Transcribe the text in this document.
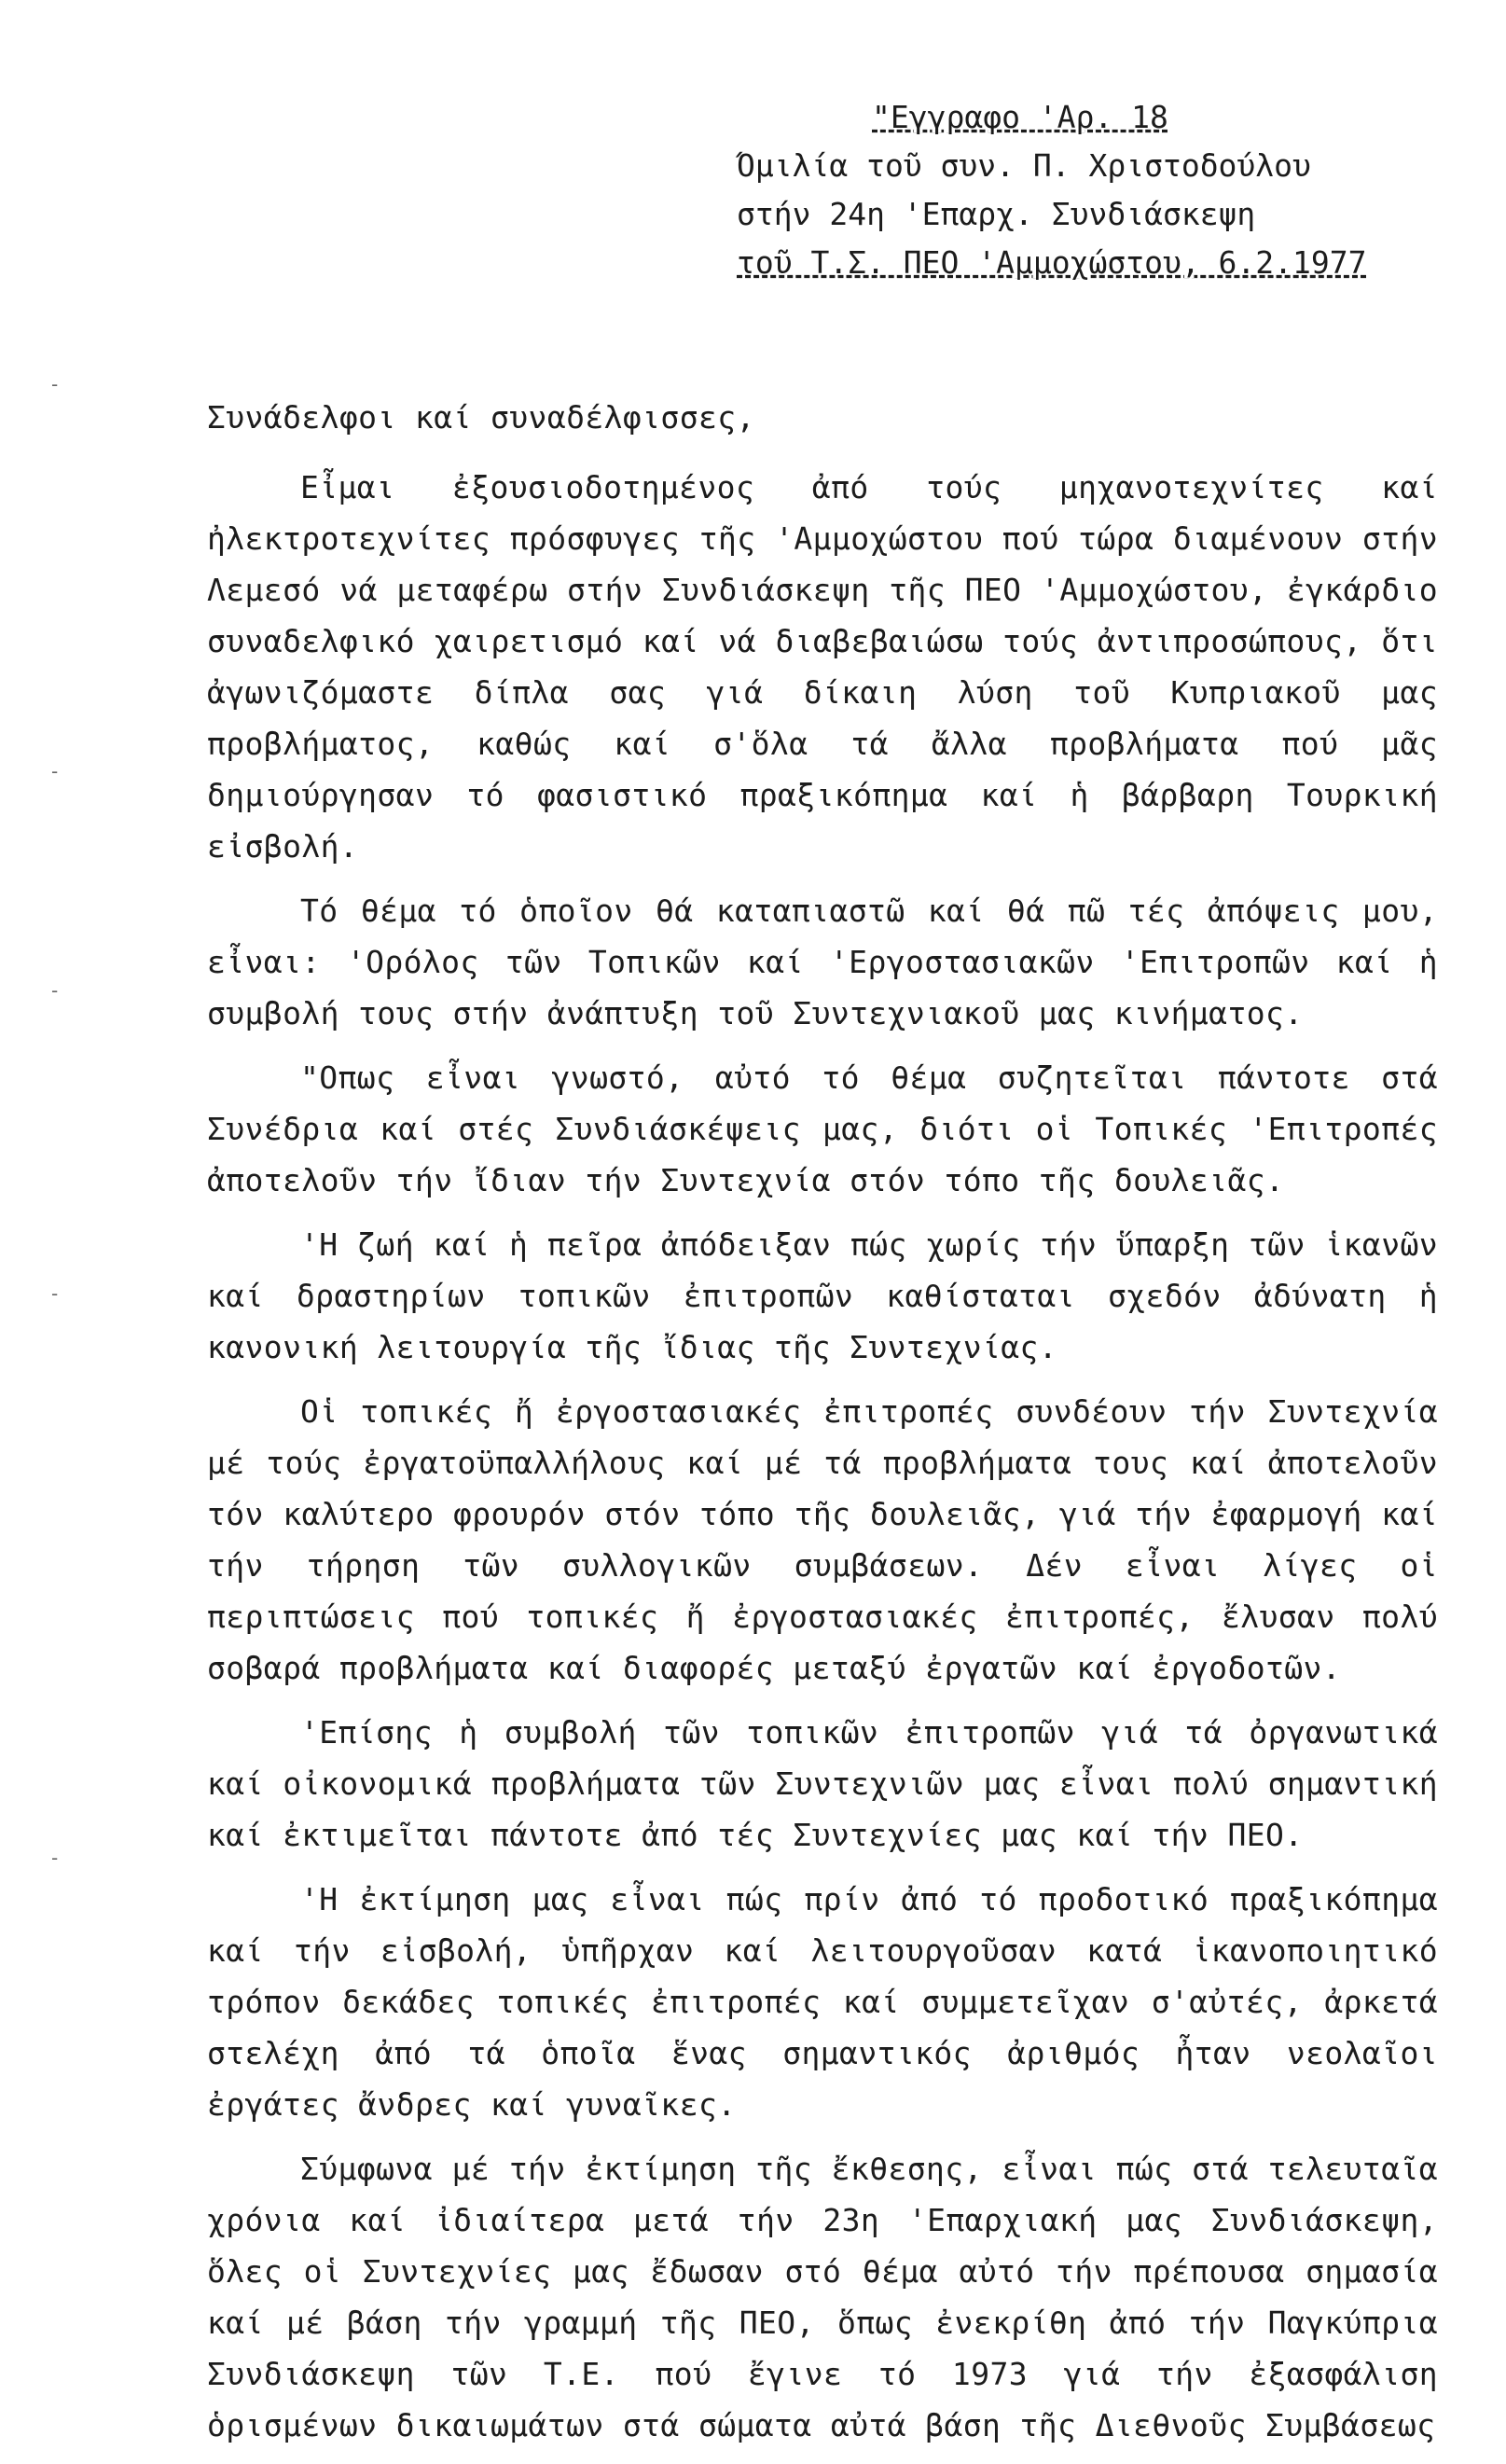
"Εγγραφο 'Αρ. 18
Όμιλία τοῦ συν. Π. Χριστοδούλου
στήν 24η 'Επαρχ. Συνδιάσκεψη
τοῦ Τ.Σ. ΠΕΟ 'Αμμοχώστου, 6.2.1977
Συνάδελφοι καί συναδέλφισσες,

Εἶμαι ἐξουσιοδοτημένος ἀπό τούς μηχανοτεχνίτες καί ἠλεκτροτεχνίτες πρόσφυγες τῆς 'Αμμοχώστου πού τώρα διαμένουν στήν Λεμεσό νά μεταφέρω στήν Συνδιάσκεψη τῆς ΠΕΟ 'Αμμοχώστου, ἐγκάρδιο συναδελφικό χαιρετισμό καί νά διαβεβαιώσω τούς ἀντιπροσώπους, ὅτι ἀγωνιζόμαστε δίπλα σας γιά δίκαιη λύση τοῦ Κυπριακοῦ μας προβλήματος, καθώς καί σ'ὅλα τά ἄλλα προβλήματα πού μᾶς δημιούργησαν τό φασιστικό πραξικόπημα καί ἡ βάρβαρη Τουρκική εἰσβολή.

Τό θέμα τό ὁποῖον θά καταπιαστῶ καί θά πῶ τές ἀπόψεις μου, εἶναι: 'Ορόλος τῶν Τοπικῶν καί 'Εργοστασιακῶν 'Επιτροπῶν καί ἡ συμβολή τους στήν ἀνάπτυξη τοῦ Συντεχνιακοῦ μας κινήματος.

"Οπως εἶναι γνωστό, αὐτό τό θέμα συζητεῖται πάντοτε στά Συνέδρια καί στές Συνδιάσκέψεις μας, διότι οἱ Τοπικές 'Επιτροπές ἀποτελοῦν τήν ἴδιαν τήν Συντεχνία στόν τόπο τῆς δουλειᾶς.

'Η ζωή καί ἡ πεῖρα ἀπόδειξαν πώς χωρίς τήν ὕπαρξη τῶν ἱκανῶν καί δραστηρίων τοπικῶν ἐπιτροπῶν καθίσταται σχεδόν ἀδύνατη ἡ κανονική λειτουργία τῆς ἴδιας τῆς Συντεχνίας.

Οἱ τοπικές ἤ ἐργοστασιακές ἐπιτροπές συνδέουν τήν Συντεχνία μέ τούς ἐργατοϋπαλλήλους καί μέ τά προβλήματα τους καί ἀποτελοῦν τόν καλύτερο φρουρόν στόν τόπο τῆς δουλειᾶς, γιά τήν ἐφαρμογή καί τήν τήρηση τῶν συλλογικῶν συμβάσεων. Δέν εἶναι λίγες οἱ περιπτώσεις πού τοπικές ἤ ἐργοστασιακές ἐπιτροπές, ἔλυσαν πολύ σοβαρά προβλήματα καί διαφορές μεταξύ ἐργατῶν καί ἐργοδοτῶν.

'Επίσης ἡ συμβολή τῶν τοπικῶν ἐπιτροπῶν γιά τά ὀργανωτικά καί οἰκονομικά προβλήματα τῶν Συντεχνιῶν μας εἶναι πολύ σημαντική καί ἐκτιμεῖται πάντοτε ἀπό τές Συντεχνίες μας καί τήν ΠΕΟ.

'Η ἐκτίμηση μας εἶναι πώς πρίν ἀπό τό προδοτικό πραξικόπημα καί τήν εἰσβολή, ὑπῆρχαν καί λειτουργοῦσαν κατά ἱκανοποιητικό τρόπον δεκάδες τοπικές ἐπιτροπές καί συμμετεῖχαν σ'αὐτές, ἀρκετά στελέχη ἀπό τά ὁποῖα ἕνας σημαντικός ἀριθμός ἦταν νεολαῖοι ἐργάτες ἄνδρες καί γυναῖκες.

Σύμφωνα μέ τήν ἐκτίμηση τῆς ἔκθεσης, εἶναι πώς στά τελευταῖα χρόνια καί ἰδιαίτερα μετά τήν 23η 'Επαρχιακή μας Συνδιάσκεψη, ὅλες οἱ Συντεχνίες μας ἔδωσαν στό θέμα αὐτό τήν πρέπουσα σημασία καί μέ βάση τήν γραμμή τῆς ΠΕΟ, ὅπως ἐνεκρίθη ἀπό τήν Παγκύπρια Συνδιάσκεψη τῶν Τ.Ε. πού ἔγινε τό 1973 γιά τήν ἐξασφάλιση ὁρισμένων δικαιωμάτων στά σώματα αὐτά βάση τῆς Διεθνοῦς Συμβάσεως

-
-
-
-
-
